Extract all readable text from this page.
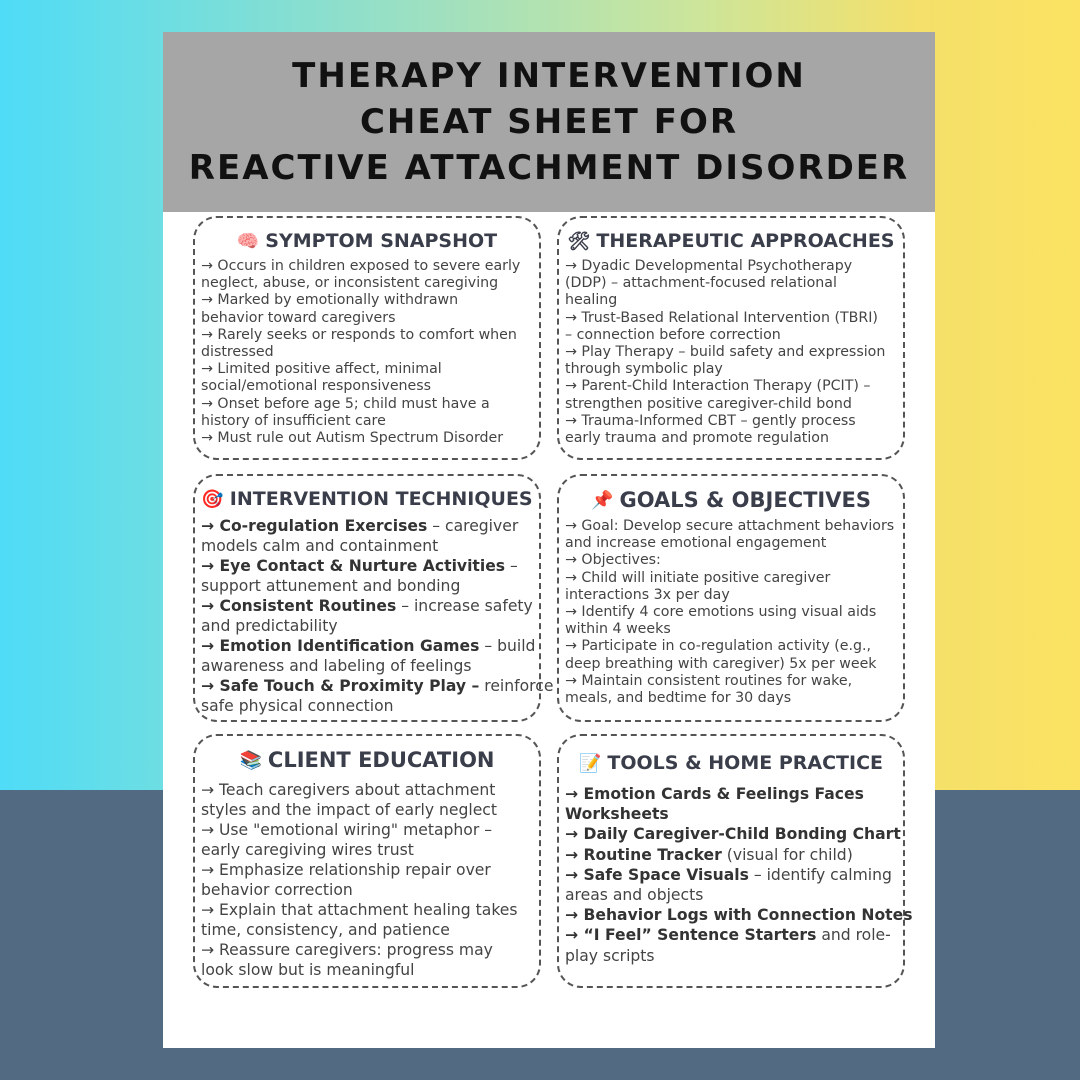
THERAPY INTERVENTION
CHEAT SHEET FOR
REACTIVE ATTACHMENT DISORDER
🧠 SYMPTOM SNAPSHOT
→ Occurs in children exposed to severe early
neglect, abuse, or inconsistent caregiving
→ Marked by emotionally withdrawn
behavior toward caregivers
→ Rarely seeks or responds to comfort when
distressed
→ Limited positive affect, minimal
social/emotional responsiveness
→ Onset before age 5; child must have a
history of insufficient care
→ Must rule out Autism Spectrum Disorder
🛠 THERAPEUTIC APPROACHES
→ Dyadic Developmental Psychotherapy
(DDP) – attachment-focused relational
healing
→ Trust-Based Relational Intervention (TBRI)
– connection before correction
→ Play Therapy – build safety and expression
through symbolic play
→ Parent-Child Interaction Therapy (PCIT) –
strengthen positive caregiver-child bond
→ Trauma-Informed CBT – gently process
early trauma and promote regulation
🎯 INTERVENTION TECHNIQUES
→ Co-regulation Exercises – caregiver
models calm and containment
→ Eye Contact & Nurture Activities –
support attunement and bonding
→ Consistent Routines – increase safety
and predictability
→ Emotion Identification Games – build
awareness and labeling of feelings
→ Safe Touch & Proximity Play – reinforce
safe physical connection
📌 GOALS & OBJECTIVES
→ Goal: Develop secure attachment behaviors
and increase emotional engagement
→ Objectives:
→ Child will initiate positive caregiver
interactions 3x per day
→ Identify 4 core emotions using visual aids
within 4 weeks
→ Participate in co-regulation activity (e.g.,
deep breathing with caregiver) 5x per week
→ Maintain consistent routines for wake,
meals, and bedtime for 30 days
📚 CLIENT EDUCATION
→ Teach caregivers about attachment
styles and the impact of early neglect
→ Use "emotional wiring" metaphor –
early caregiving wires trust
→ Emphasize relationship repair over
behavior correction
→ Explain that attachment healing takes
time, consistency, and patience
→ Reassure caregivers: progress may
look slow but is meaningful
📝 TOOLS & HOME PRACTICE
→ Emotion Cards & Feelings Faces
Worksheets
→ Daily Caregiver-Child Bonding Chart
→ Routine Tracker (visual for child)
→ Safe Space Visuals – identify calming
areas and objects
→ Behavior Logs with Connection Notes
→ “I Feel” Sentence Starters and role-
play scripts
